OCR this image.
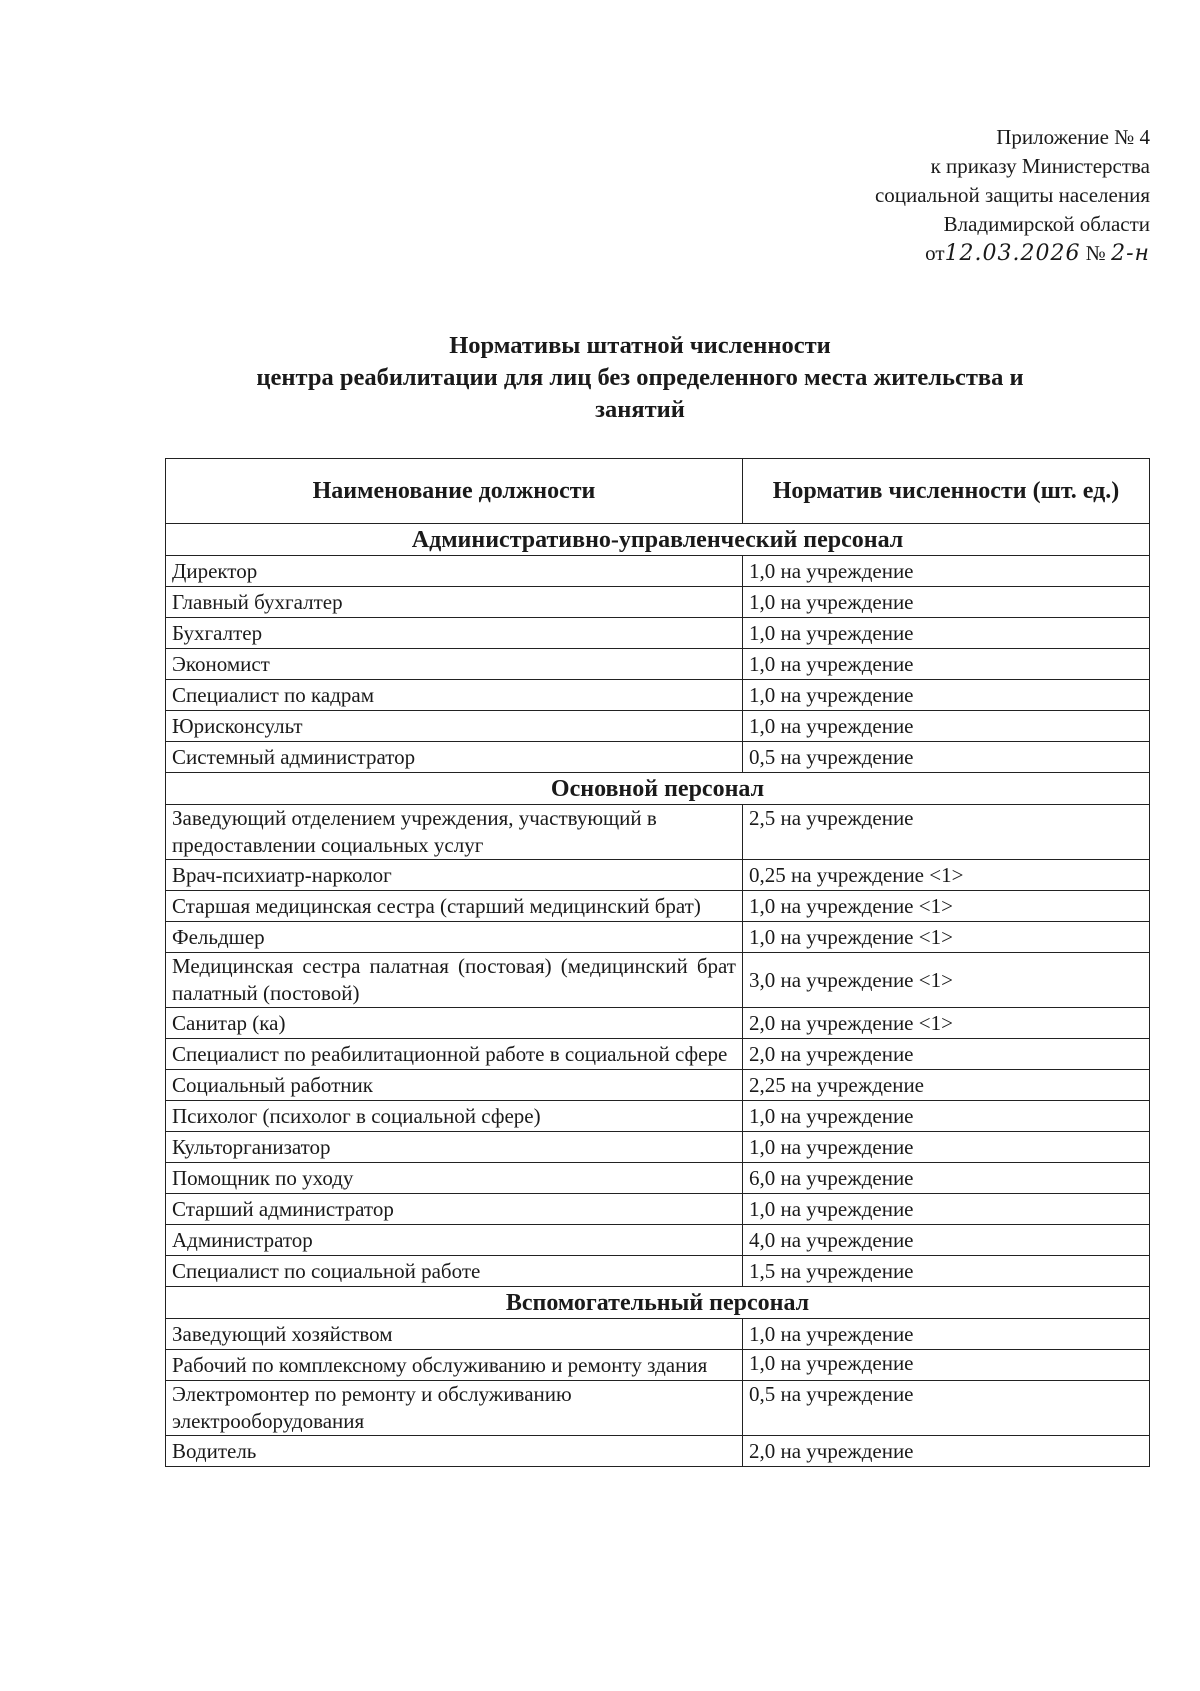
Приложение № 4
к приказу Министерства
социальной защиты населения
Владимирской области
от12.03.2026 № 2-н
Нормативы штатной численности
центра реабилитации для лиц без определенного места жительства и
занятий
Наименование должности	Норматив численности (шт. ед.)
Административно-управленческий персонал	
Директор	1,0 на учреждение
Главный бухгалтер	1,0 на учреждение
Бухгалтер	1,0 на учреждение
Экономист	1,0 на учреждение
Специалист по кадрам	1,0 на учреждение
Юрисконсульт	1,0 на учреждение
Системный администратор	0,5 на учреждение
Основной персонал	
Заведующий отделением учреждения, участвующий в предоставлении социальных услуг	2,5 на учреждение
Врач-психиатр-нарколог	0,25 на учреждение <1>
Старшая медицинская сестра (старший медицинский брат)	1,0 на учреждение <1>
Фельдшер	1,0 на учреждение <1>
Медицинская сестра палатная (постовая) (медицинский брат палатный (постовой)	3,0 на учреждение <1>
Санитар (ка)	2,0 на учреждение <1>
Специалист по реабилитационной работе в социальной сфере	2,0 на учреждение
Социальный работник	2,25 на учреждение
Психолог (психолог в социальной сфере)	1,0 на учреждение
Культорганизатор	1,0 на учреждение
Помощник по уходу	6,0 на учреждение
Старший администратор	1,0 на учреждение
Администратор	4,0 на учреждение
Специалист по социальной работе	1,5 на учреждение
Вспомогательный персонал	
Заведующий хозяйством	1,0 на учреждение
Рабочий по комплексному обслуживанию и ремонту здания	1,0 на учреждение
Электромонтер по ремонту и обслуживанию электрооборудования	0,5 на учреждение
Водитель	2,0 на учреждение
